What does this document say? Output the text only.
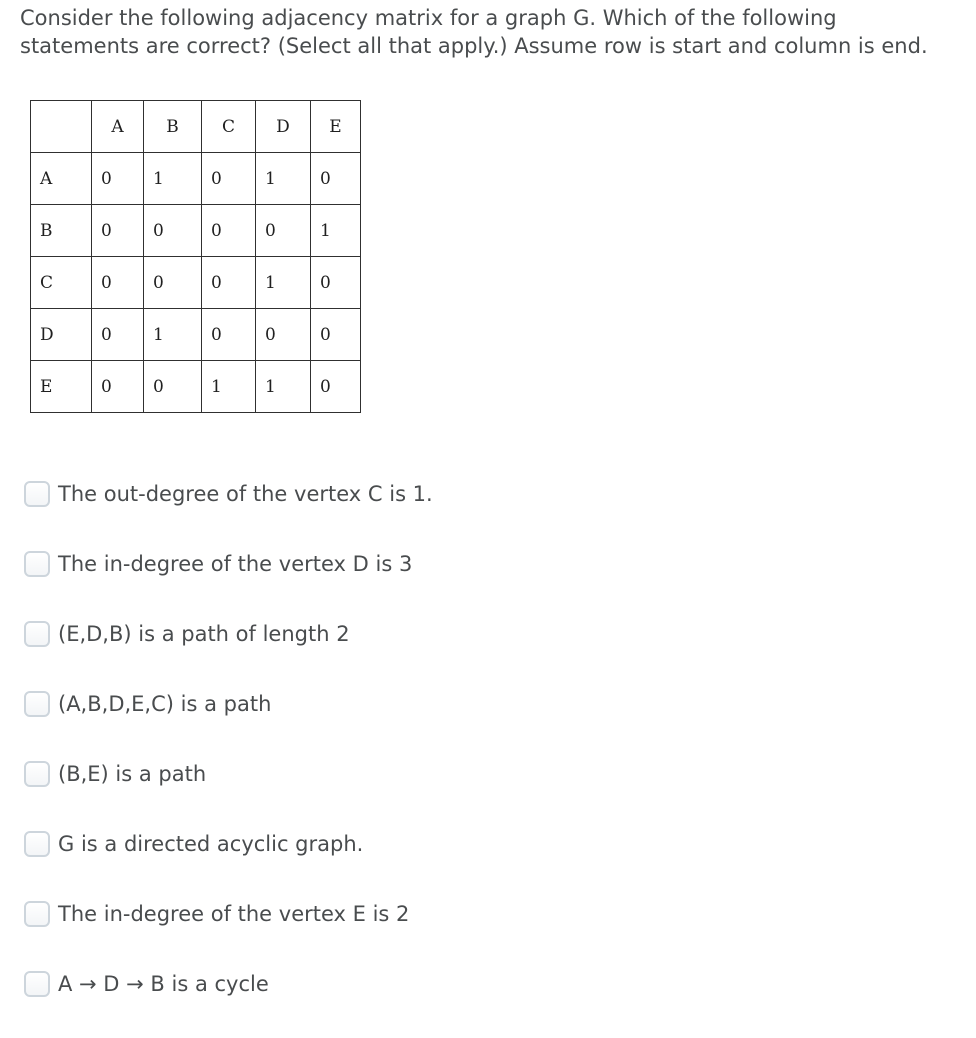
Consider the following adjacency matrix for a graph G. Which of the following
statements are correct? (Select all that apply.) Assume row is start and column is end.

	A	B	C	D	E
A	0	1	0	1	0
B	0	0	0	0	1
C	0	0	0	1	0
D	0	1	0	0	0
E	0	0	1	1	0
The out-degree of the vertex C is 1.
The in-degree of the vertex D is 3
(E,D,B) is a path of length 2
(A,B,D,E,C) is a path
(B,E) is a path
G is a directed acyclic graph.
The in-degree of the vertex E is 2
A → D → B is a cycle
